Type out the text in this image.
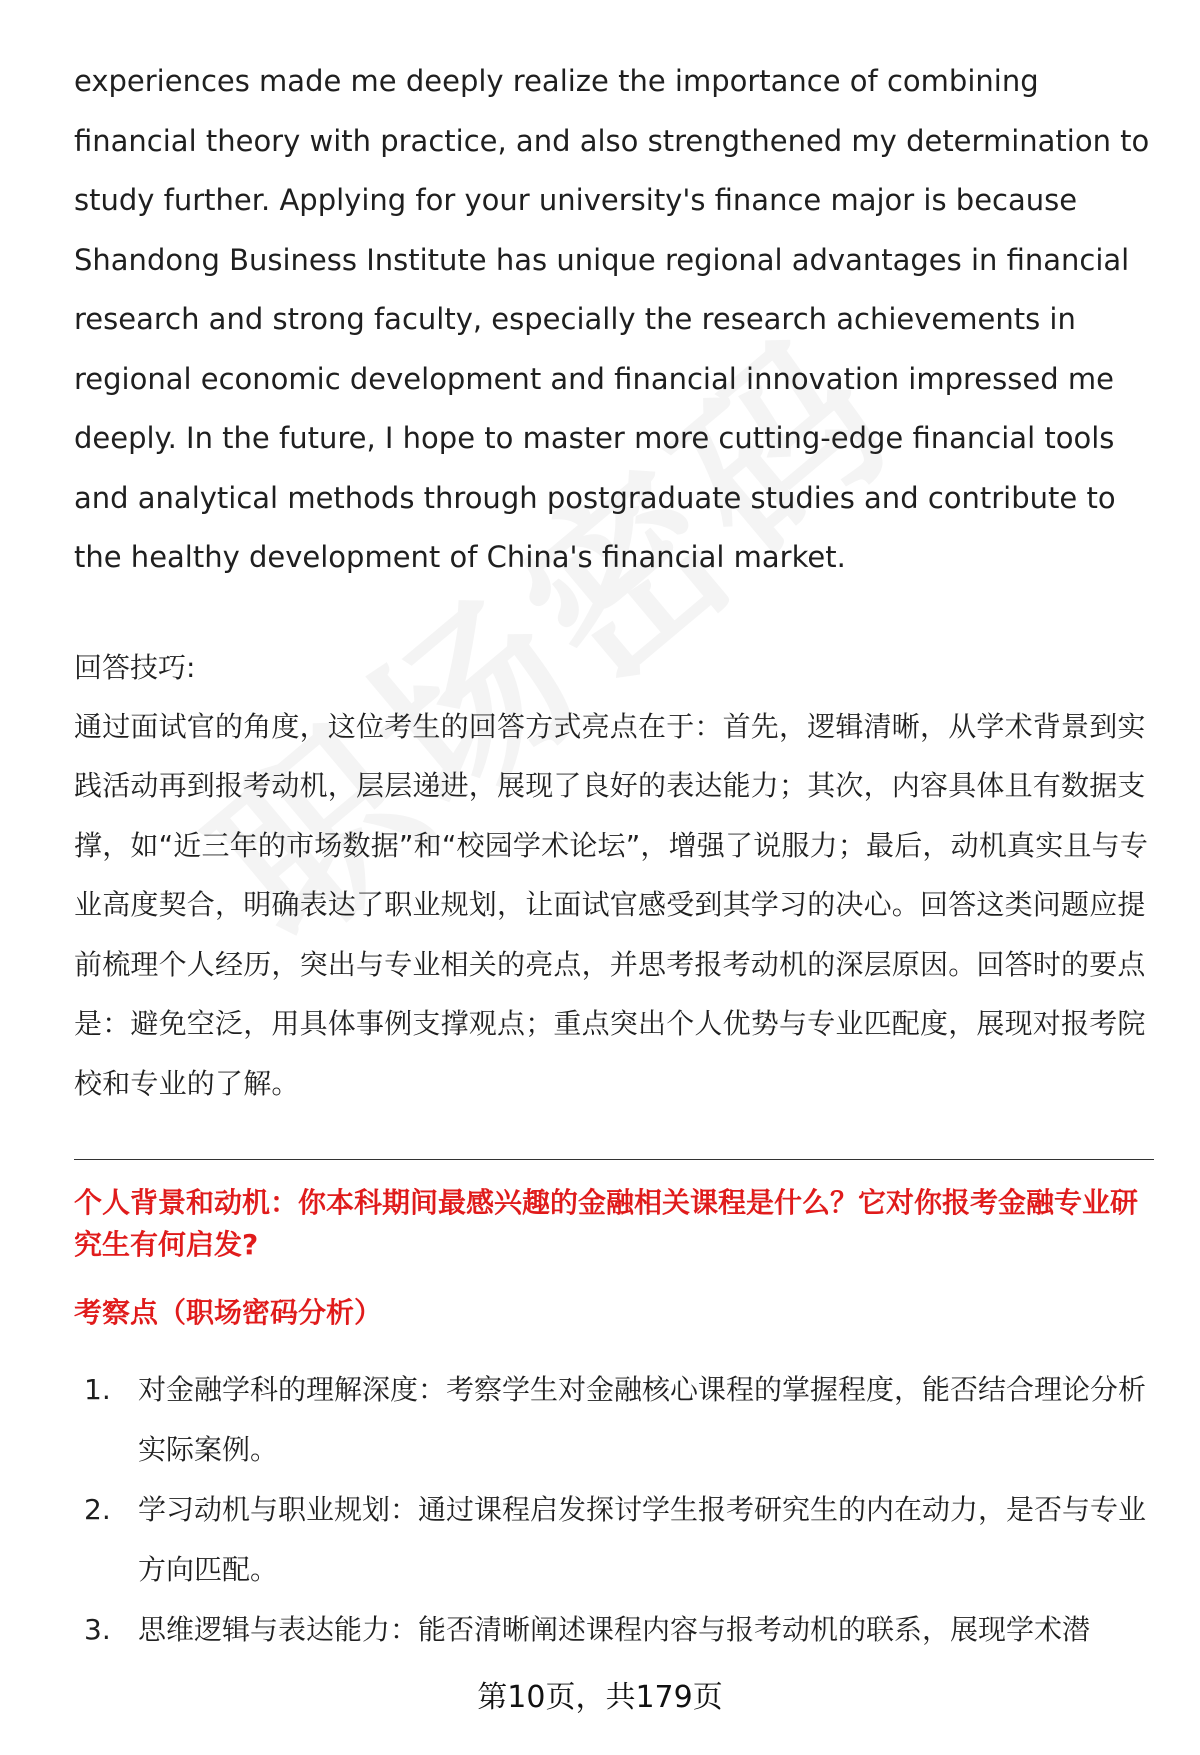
experiences made me deeply realize the importance of combining financial theory with practice, and also strengthened my determination to study further. Applying for your university's finance major is because Shandong Business Institute has unique regional advantages in financial research and strong faculty, especially the research achievements in regional economic development and financial innovation impressed me deeply. In the future, I hope to master more cutting-edge financial tools and analytical methods through postgraduate studies and contribute to the healthy development of China's financial market.

回答技巧:

通过面试官的角度，这位考生的回答方式亮点在于：首先，逻辑清晰，从学术背景到实践活动再到报考动机，层层递进，展现了良好的表达能力；其次，内容具体且有数据支撑，如“近三年的市场数据”和“校园学术论坛”，增强了说服力；最后，动机真实且与专业高度契合，明确表达了职业规划，让面试官感受到其学习的决心。回答这类问题应提前梳理个人经历，突出与专业相关的亮点，并思考报考动机的深层原因。回答时的要点是：避免空泛，用具体事例支撑观点；重点突出个人优势与专业匹配度，展现对报考院校和专业的了解。

个人背景和动机：你本科期间最感兴趣的金融相关课程是什么？它对你报考金融专业研究生有何启发?

考察点（职场密码分析）

1. 对金融学科的理解深度：考察学生对金融核心课程的掌握程度，能否结合理论分析实际案例。
2. 学习动机与职业规划：通过课程启发探讨学生报考研究生的内在动力，是否与专业方向匹配。
3. 思维逻辑与表达能力：能否清晰阐述课程内容与报考动机的联系，展现学术潜
第10页，共179页
